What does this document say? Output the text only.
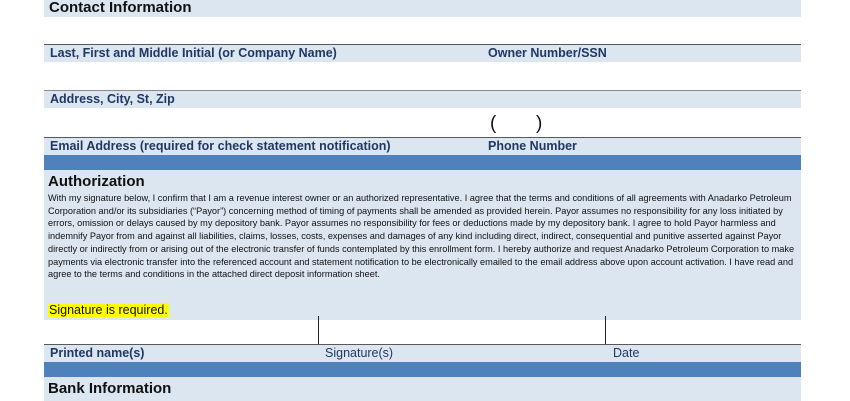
Contact Information
Last, First and Middle Initial (or Company Name)	Owner Number/SSN
Address, City, St, Zip
( )
Email Address (required for check statement notification)	Phone Number
Authorization
With my signature below, I confirm that I am a revenue interest owner or an authorized representative. I agree that the terms and conditions of all agreements with Anadarko Petroleum Corporation and/or its subsidiaries (“Payor”) concerning method of timing of payments shall be amended as provided herein. Payor assumes no responsibility for any loss initiated by errors, omission or delays caused by my depository bank. Payor assumes no responsibility for fees or deductions made by my depository bank. I agree to hold Payor harmless and indemnify Payor from and against all liabilities, claims, losses, costs, expenses and damages of any kind including direct, indirect, consequential and punitive asserted against Payor directly or indirectly from or arising out of the electronic transfer of funds contemplated by this enrollment form. I hereby authorize and request Anadarko Petroleum Corporation to make payments via electronic transfer into the referenced account and statement notification to be electronically emailed to the email address above upon account activation. I have read and agree to the terms and conditions in the attached direct deposit information sheet.
Signature is required.
Printed name(s)	Signature(s)	Date
Bank Information
